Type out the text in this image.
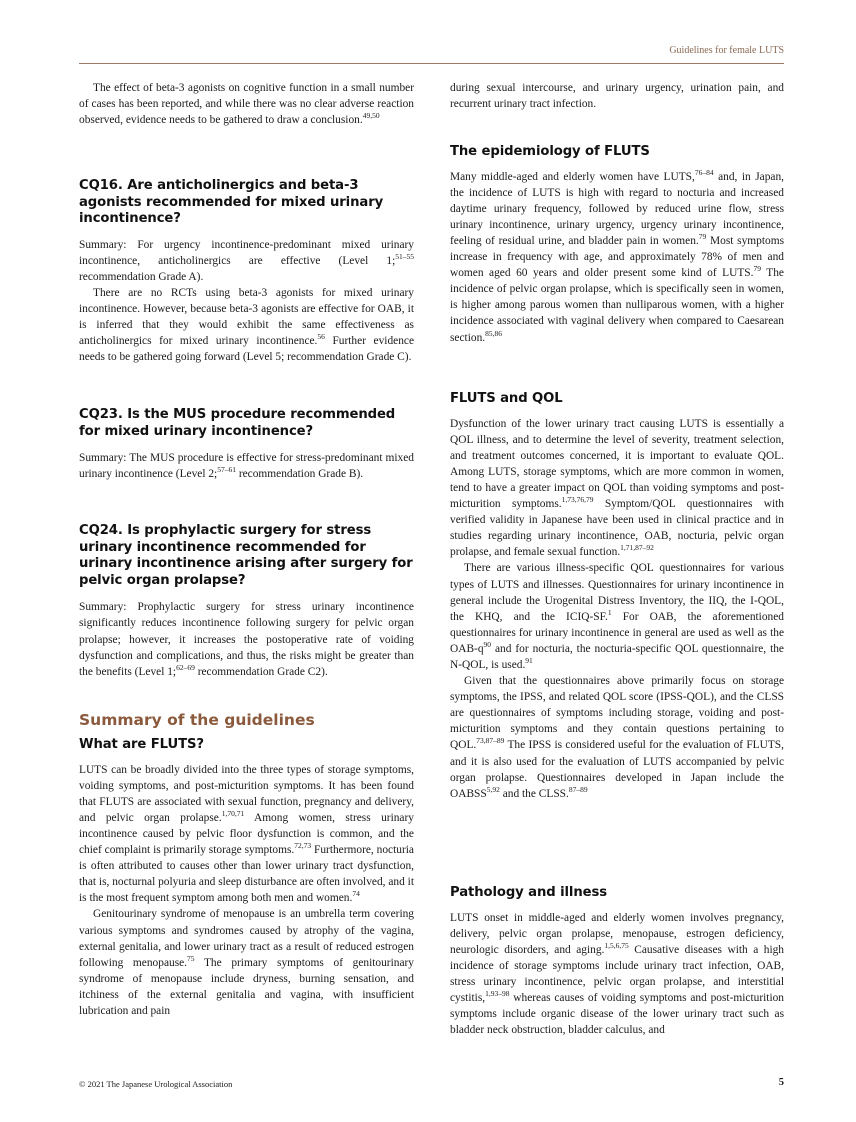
Guidelines for female LUTS

The effect of beta-3 agonists on cognitive function in a small number of cases has been reported, and while there was no clear adverse reaction observed, evidence needs to be gathered to draw a conclusion.$^{49,50}$

CQ16. Are anticholinergics and beta-3 agonists recommended for mixed urinary incontinence?

Summary: For urgency incontinence-predominant mixed urinary incontinence, anticholinergics are effective (Level 1;$^{51-55}$ recommendation Grade A).

There are no RCTs using beta-3 agonists for mixed urinary incontinence. However, because beta-3 agonists are effective for OAB, it is inferred that they would exhibit the same effectiveness as anticholinergics for mixed urinary incontinence.$^{56}$ Further evidence needs to be gathered going forward (Level 5; recommendation Grade C).

CQ23. Is the MUS procedure recommended for mixed urinary incontinence?

Summary: The MUS procedure is effective for stress-predominant mixed urinary incontinence (Level 2;$^{57-61}$ recommendation Grade B).

CQ24. Is prophylactic surgery for stress urinary incontinence recommended for urinary incontinence arising after surgery for pelvic organ prolapse?

Summary: Prophylactic surgery for stress urinary incontinence significantly reduces incontinence following surgery for pelvic organ prolapse; however, it increases the postoperative rate of voiding dysfunction and complications, and thus, the risks might be greater than the benefits (Level 1;$^{62-69}$ recommendation Grade C2).

Summary of the guidelines
What are FLUTS?

LUTS can be broadly divided into the three types of storage symptoms, voiding symptoms, and post-micturition symptoms. It has been found that FLUTS are associated with sexual function, pregnancy and delivery, and pelvic organ prolapse.$^{1,70,71}$ Among women, stress urinary incontinence caused by pelvic floor dysfunction is common, and the chief complaint is primarily storage symptoms.$^{72,73}$ Furthermore, nocturia is often attributed to causes other than lower urinary tract dysfunction, that is, nocturnal polyuria and sleep disturbance are often involved, and it is the most frequent symptom among both men and women.$^{74}$

Genitourinary syndrome of menopause is an umbrella term covering various symptoms and syndromes caused by atrophy of the vagina, external genitalia, and lower urinary tract as a result of reduced estrogen following menopause.$^{75}$ The primary symptoms of genitourinary syndrome of menopause include dryness, burning sensation, and itchiness of the external genitalia and vagina, with insufficient lubrication and pain

during sexual intercourse, and urinary urgency, urination pain, and recurrent urinary tract infection.

The epidemiology of FLUTS

Many middle-aged and elderly women have LUTS,$^{76-84}$ and, in Japan, the incidence of LUTS is high with regard to nocturia and increased daytime urinary frequency, followed by reduced urine flow, stress urinary incontinence, urinary urgency, urgency urinary incontinence, feeling of residual urine, and bladder pain in women.$^{79}$ Most symptoms increase in frequency with age, and approximately 78% of men and women aged 60 years and older present some kind of LUTS.$^{79}$ The incidence of pelvic organ prolapse, which is specifically seen in women, is higher among parous women than nulliparous women, with a higher incidence associated with vaginal delivery when compared to Caesarean section.$^{85,86}$

FLUTS and QOL

Dysfunction of the lower urinary tract causing LUTS is essentially a QOL illness, and to determine the level of severity, treatment selection, and treatment outcomes concerned, it is important to evaluate QOL. Among LUTS, storage symptoms, which are more common in women, tend to have a greater impact on QOL than voiding symptoms and post-micturition symptoms.$^{1,73,76,79}$ Symptom/QOL questionnaires with verified validity in Japanese have been used in clinical practice and in studies regarding urinary incontinence, OAB, nocturia, pelvic organ prolapse, and female sexual function.$^{1,71,87-92}$

There are various illness-specific QOL questionnaires for various types of LUTS and illnesses. Questionnaires for urinary incontinence in general include the Urogenital Distress Inventory, the IIQ, the I-QOL, the KHQ, and the ICIQ-SF.$^1$ For OAB, the aforementioned questionnaires for urinary incontinence in general are used as well as the OAB-$q^{90}$ and for nocturia, the nocturia-specific QOL questionnaire, the N-QOL, is used.$^{91}$

Given that the questionnaires above primarily focus on storage symptoms, the IPSS, and related QOL score (IPSS-QOL), and the CLSS are questionnaires of symptoms including storage, voiding and post-micturition symptoms and they contain questions pertaining to QOL.$^{73,87-89}$ The IPSS is considered useful for the evaluation of FLUTS, and it is also used for the evaluation of LUTS accompanied by pelvic organ prolapse. Questionnaires developed in Japan include the OABSS$^{5,92}$ and the CLSS.$^{87-89}$

Pathology and illness

LUTS onset in middle-aged and elderly women involves pregnancy, delivery, pelvic organ prolapse, menopause, estrogen deficiency, neurologic disorders, and aging.$^{1,5,6,75}$ Causative diseases with a high incidence of storage symptoms include urinary tract infection, OAB, stress urinary incontinence, pelvic organ prolapse, and interstitial cystitis,$^{1,93-98}$ whereas causes of voiding symptoms and post-micturition symptoms include organic disease of the lower urinary tract such as bladder neck obstruction, bladder calculus, and

© 2021 The Japanese Urological Association	5
